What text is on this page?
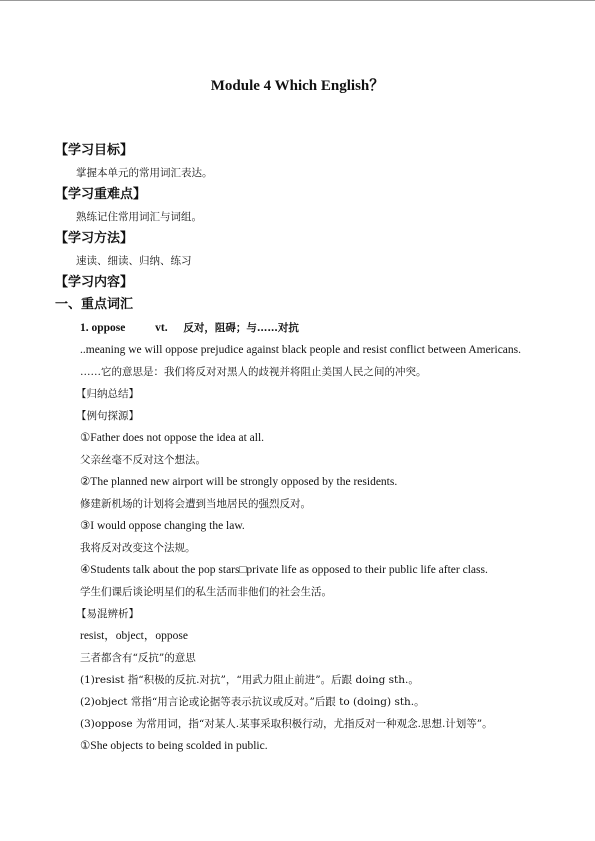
Module 4 Which English？
【学习目标】
掌握本单元的常用词汇表达。
【学习重难点】
熟练记住常用词汇与词组。
【学习方法】
速读、细读、归纳、练习
【学习内容】
一、重点词汇
1. oppose	vt. 反对，阻碍；与……对抗
..meaning we will oppose prejudice against black people and resist conflict between Americans.
……它的意思是：我们将反对对黑人的歧视并将阻止美国人民之间的冲突。
【归纳总结】
【例句探源】
①Father does not oppose the idea at all.
父亲丝毫不反对这个想法。
②The planned new airport will be strongly opposed by the residents.
修建新机场的计划将会遭到当地居民的强烈反对。
③I would oppose changing the law.
我将反对改变这个法规。
④Students talk about the pop stars□private life as opposed to their public life after class.
学生们课后谈论明星们的私生活而非他们的社会生活。
【易混辨析】
resist，object，oppose
三者都含有“反抗”的意思
(1)resist 指“积极的反抗.对抗”，“用武力阻止前进”。后跟 doing sth.。
(2)object 常指“用言论或论据等表示抗议或反对。”后跟 to (doing) sth.。
(3)oppose 为常用词，指“对某人.某事采取积极行动，尤指反对一种观念.思想.计划等”。
①She objects to being scolded in public.
